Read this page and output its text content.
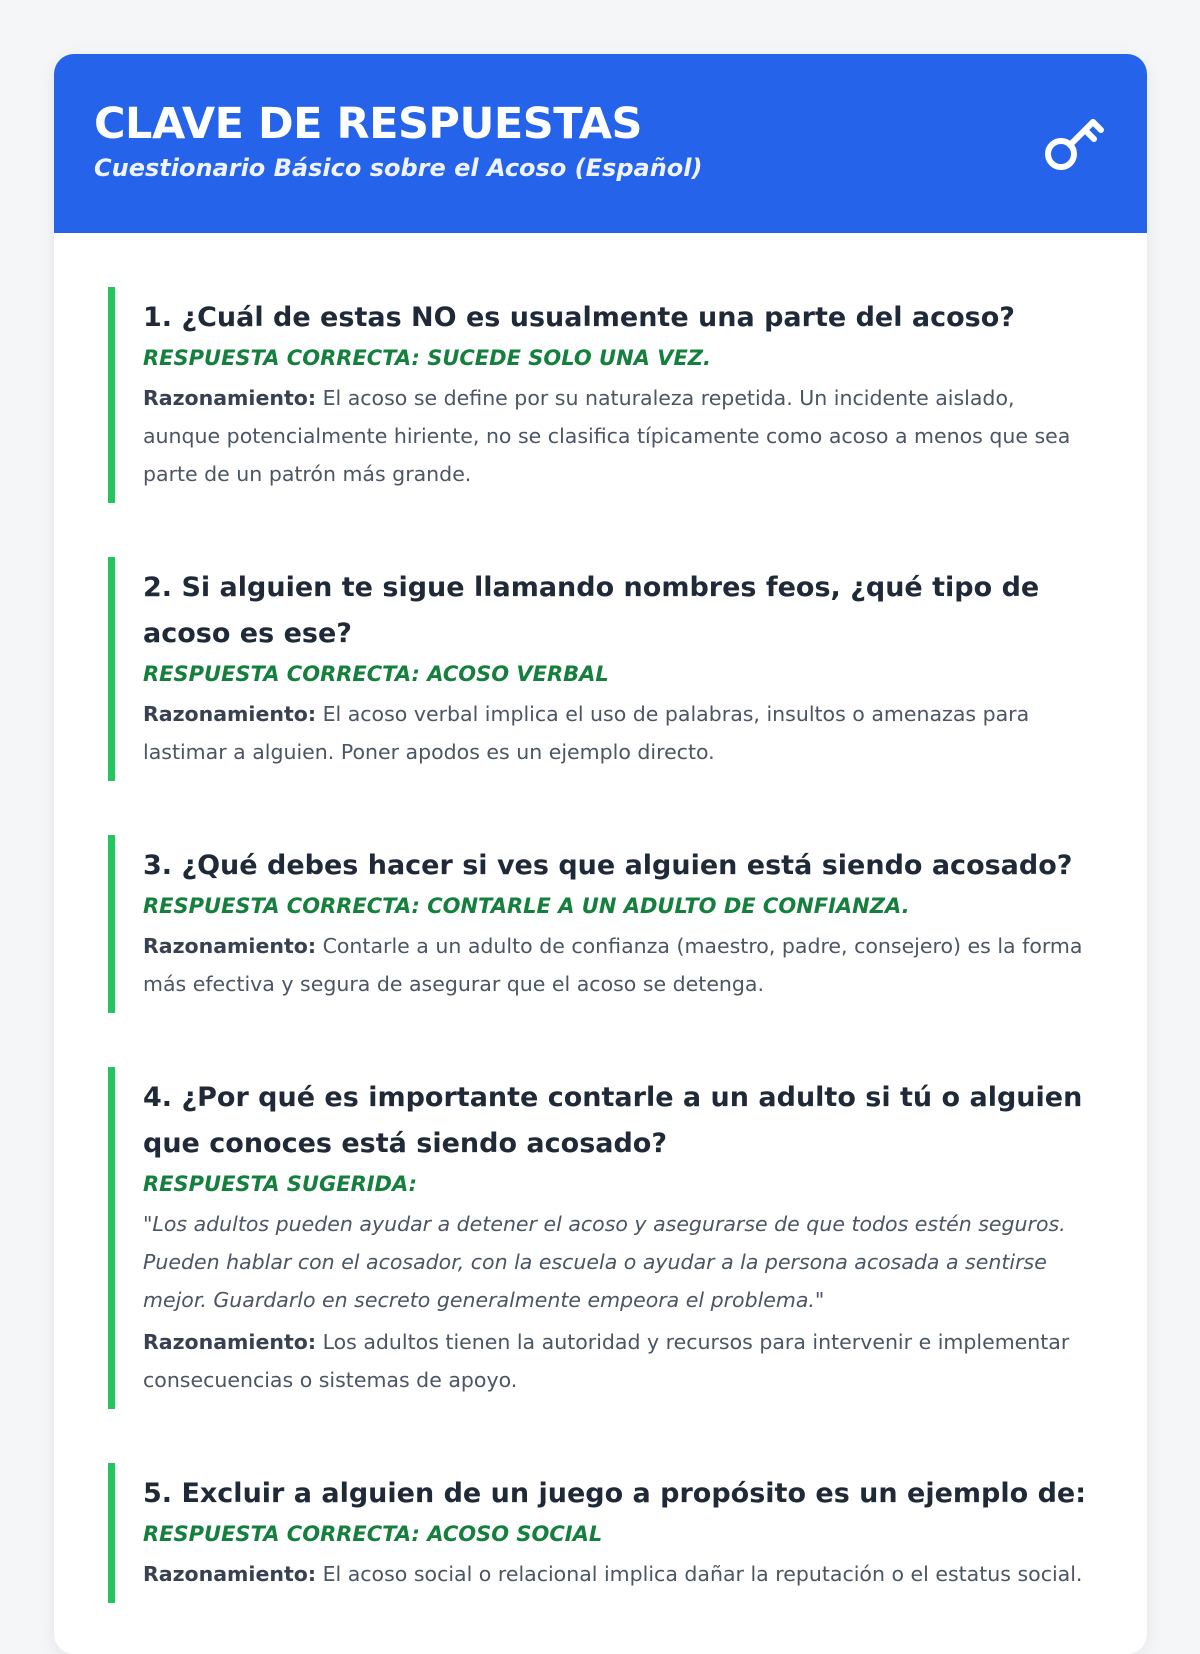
CLAVE DE RESPUESTAS
Cuestionario Básico sobre el Acoso (Español)
1. ¿Cuál de estas NO es usualmente una parte del acoso?
RESPUESTA CORRECTA: SUCEDE SOLO UNA VEZ.
Razonamiento: El acoso se define por su naturaleza repetida. Un incidente aislado, aunque potencialmente hiriente, no se clasifica típicamente como acoso a menos que sea parte de un patrón más grande.
2. Si alguien te sigue llamando nombres feos, ¿qué tipo de acoso es ese?
RESPUESTA CORRECTA: ACOSO VERBAL
Razonamiento: El acoso verbal implica el uso de palabras, insultos o amenazas para lastimar a alguien. Poner apodos es un ejemplo directo.
3. ¿Qué debes hacer si ves que alguien está siendo acosado?
RESPUESTA CORRECTA: CONTARLE A UN ADULTO DE CONFIANZA.
Razonamiento: Contarle a un adulto de confianza (maestro, padre, consejero) es la forma más efectiva y segura de asegurar que el acoso se detenga.
4. ¿Por qué es importante contarle a un adulto si tú o alguien que conoces está siendo acosado?
RESPUESTA SUGERIDA:
"Los adultos pueden ayudar a detener el acoso y asegurarse de que todos estén seguros. Pueden hablar con el acosador, con la escuela o ayudar a la persona acosada a sentirse mejor. Guardarlo en secreto generalmente empeora el problema."
Razonamiento: Los adultos tienen la autoridad y recursos para intervenir e implementar consecuencias o sistemas de apoyo.
5. Excluir a alguien de un juego a propósito es un ejemplo de:
RESPUESTA CORRECTA: ACOSO SOCIAL
Razonamiento: El acoso social o relacional implica dañar la reputación o el estatus social.
